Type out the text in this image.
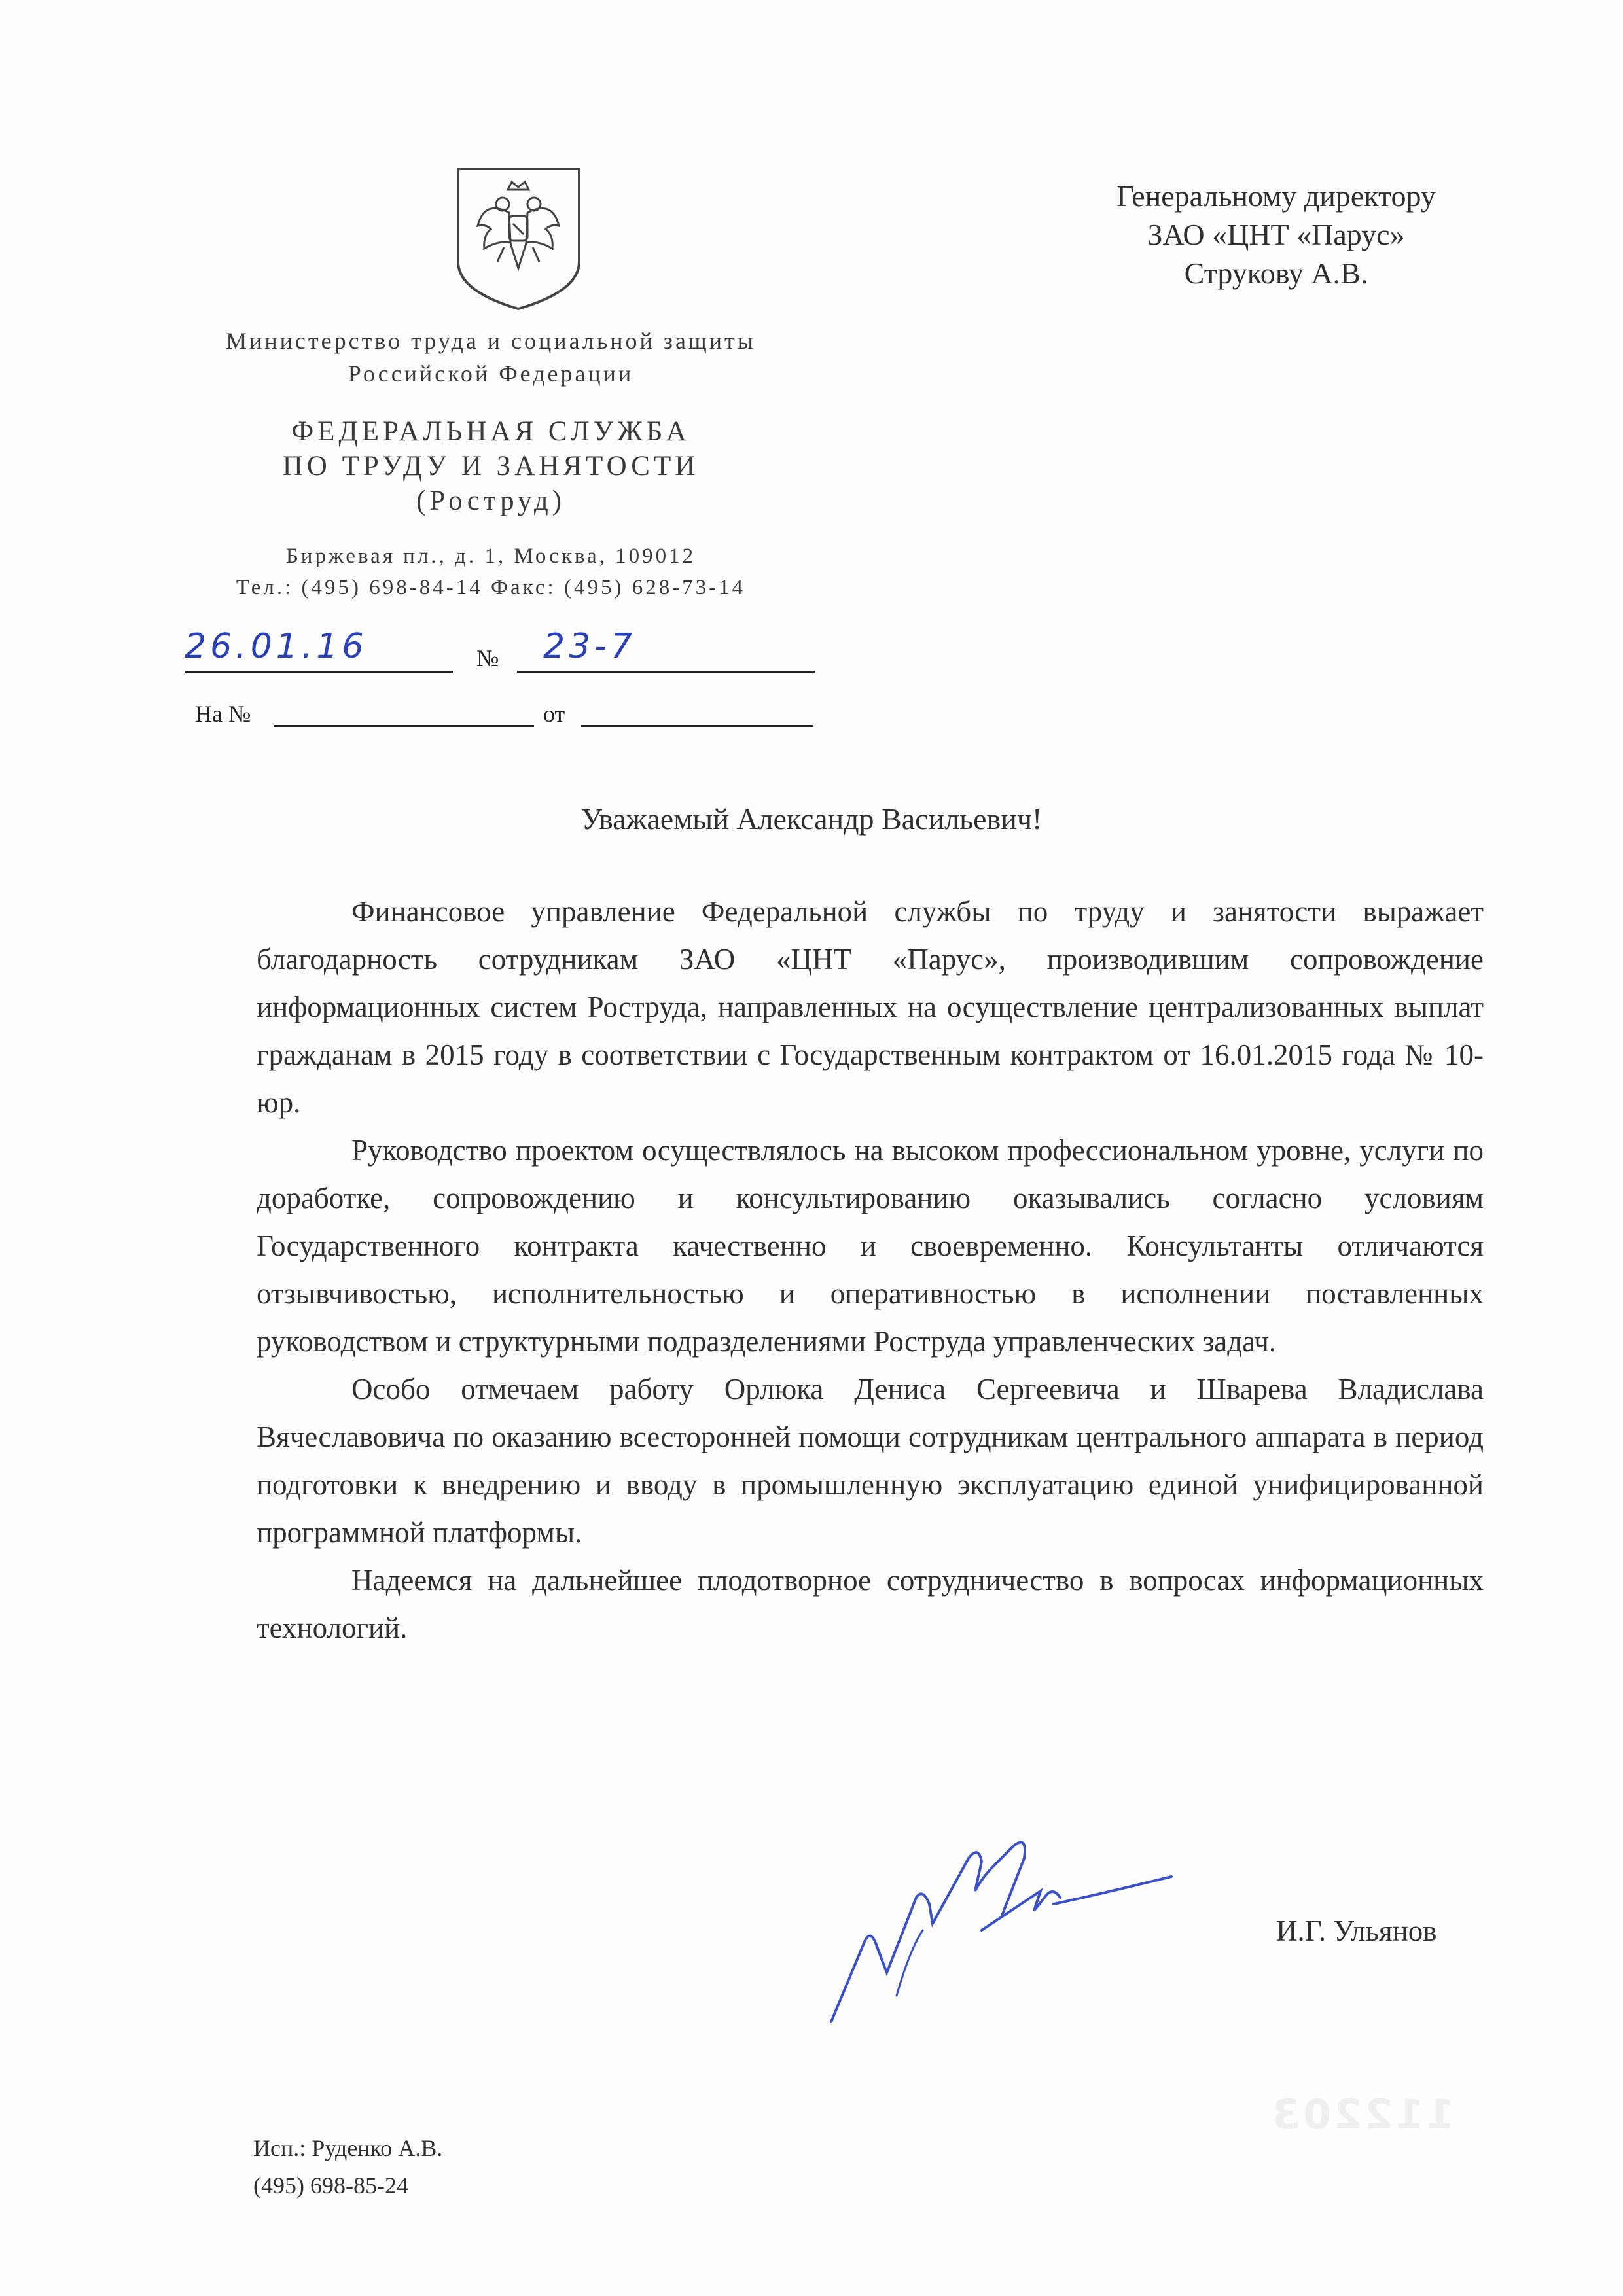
Министерство труда и социальной защиты
Российской Федерации
ФЕДЕРАЛЬНАЯ СЛУЖБА
ПО ТРУДУ И ЗАНЯТОСТИ
(Роструд)
Биржевая пл., д. 1, Москва, 109012
Тел.: (495) 698-84-14 Факс: (495) 628-73-14
26.01.16	№ 23-7
На №	от
Генеральному директору
ЗАО «ЦНТ «Парус»
Струкову А.В.
Уважаемый Александр Васильевич!

Финансовое управление Федеральной службы по труду и занятости выражает благодарность сотрудникам ЗАО «ЦНТ «Парус», производившим сопровождение информационных систем Роструда, направленных на осуществление централизованных выплат гражданам в 2015 году в соответствии с Государственным контрактом от 16.01.2015 года № 10-юр.

Руководство проектом осуществлялось на высоком профессиональном уровне, услуги по доработке, сопровождению и консультированию оказывались согласно условиям Государственного контракта качественно и своевременно. Консультанты отличаются отзывчивостью, исполнительностью и оперативностью в исполнении поставленных руководством и структурными подразделениями Роструда управленческих задач.

Особо отмечаем работу Орлюка Дениса Сергеевича и Шварева Владислава Вячеславовича по оказанию всесторонней помощи сотрудникам центрального аппарата в период подготовки к внедрению и вводу в промышленную эксплуатацию единой унифицированной программной платформы.

Надеемся на дальнейшее плодотворное сотрудничество в вопросах информационных технологий.

И.Г. Ульянов
112203
Исп.: Руденко А.В.
(495) 698-85-24
